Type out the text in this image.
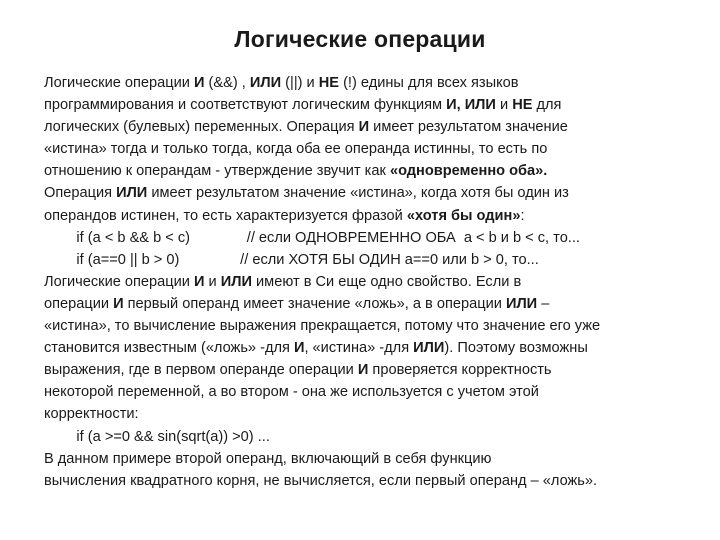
Логические операции
Логические операции И (&&) , ИЛИ (||) и НЕ (!) едины для всех языков
программирования и соответствуют логическим функциям И, ИЛИ и НЕ для
логических (булевых) переменных. Операция И имеет результатом значение
«истина» тогда и только тогда, когда оба ее операнда истинны, то есть по
отношению к операндам - утверждение звучит как «одновременно оба».
Операция ИЛИ имеет результатом значение «истина», когда хотя бы один из
операндов истинен, то есть характеризуется фразой «хотя бы один»:
if (a < b && b < c)              // если ОДНОВРЕМЕННО ОБА  a < b и b < c, то...
if (a==0 || b > 0)               // если ХОТЯ БЫ ОДИН a==0 или b > 0, то...
Логические операции И и ИЛИ имеют в Си еще одно свойство. Если в
операции И первый операнд имеет значение «ложь», а в операции ИЛИ –
«истина», то вычисление выражения прекращается, потому что значение его уже
становится известным («ложь» -для И, «истина» -для ИЛИ). Поэтому возможны
выражения, где в первом операнде операции И проверяется корректность
некоторой переменной, а во втором - она же используется с учетом этой
корректности:
if (a >=0 && sin(sqrt(a)) >0) ...
В данном примере второй операнд, включающий в себя функцию
вычисления квадратного корня, не вычисляется, если первый операнд – «ложь».
